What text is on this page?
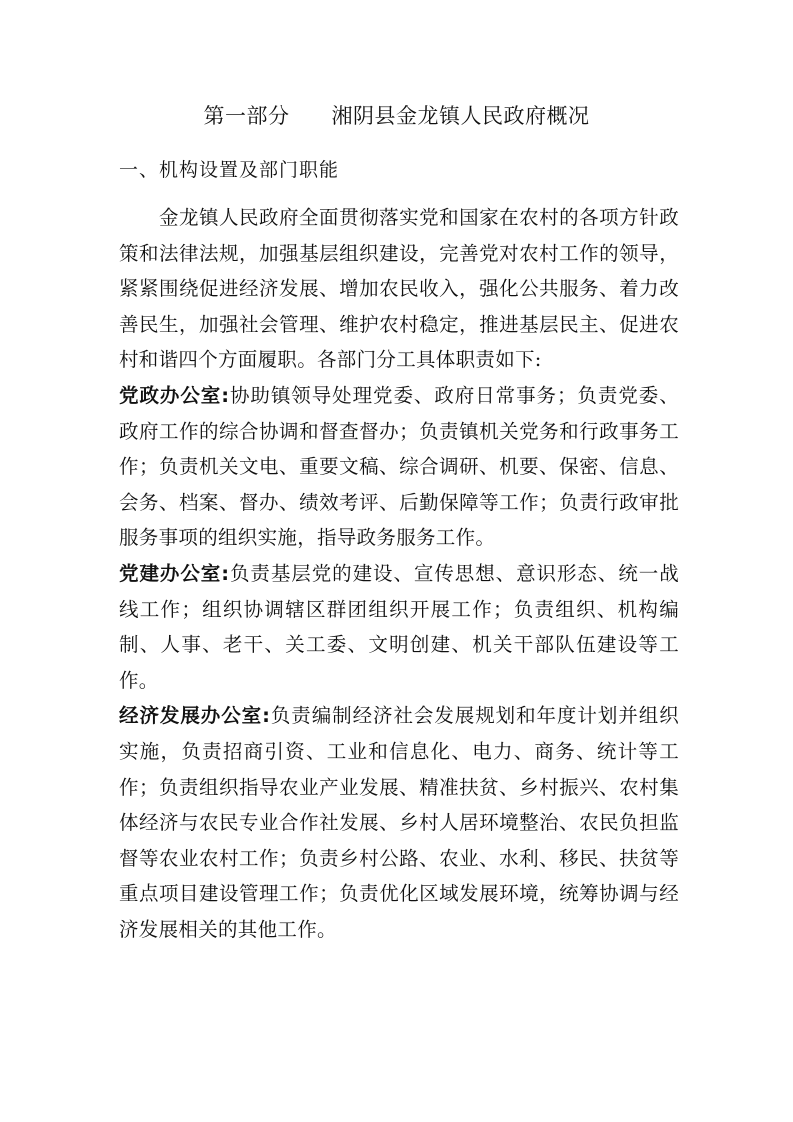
第一部分 湘阴县金龙镇人民政府概况
一、机构设置及部门职能

金龙镇人民政府全面贯彻落实党和国家在农村的各项方针政策和法律法规，加强基层组织建设，完善党对农村工作的领导，紧紧围绕促进经济发展、增加农民收入，强化公共服务、着力改善民生，加强社会管理、维护农村稳定，推进基层民主、促进农村和谐四个方面履职。各部门分工具体职责如下:

党政办公室:协助镇领导处理党委、政府日常事务；负责党委、政府工作的综合协调和督查督办；负责镇机关党务和行政事务工作；负责机关文电、重要文稿、综合调研、机要、保密、信息、会务、档案、督办、绩效考评、后勤保障等工作；负责行政审批服务事项的组织实施，指导政务服务工作。

党建办公室:负责基层党的建设、宣传思想、意识形态、统一战线工作；组织协调辖区群团组织开展工作；负责组织、机构编制、人事、老干、关工委、文明创建、机关干部队伍建设等工作。

经济发展办公室:负责编制经济社会发展规划和年度计划并组织实施，负责招商引资、工业和信息化、电力、商务、统计等工作；负责组织指导农业产业发展、精准扶贫、乡村振兴、农村集体经济与农民专业合作社发展、乡村人居环境整治、农民负担监督等农业农村工作；负责乡村公路、农业、水利、移民、扶贫等重点项目建设管理工作；负责优化区域发展环境，统筹协调与经济发展相关的其他工作。
